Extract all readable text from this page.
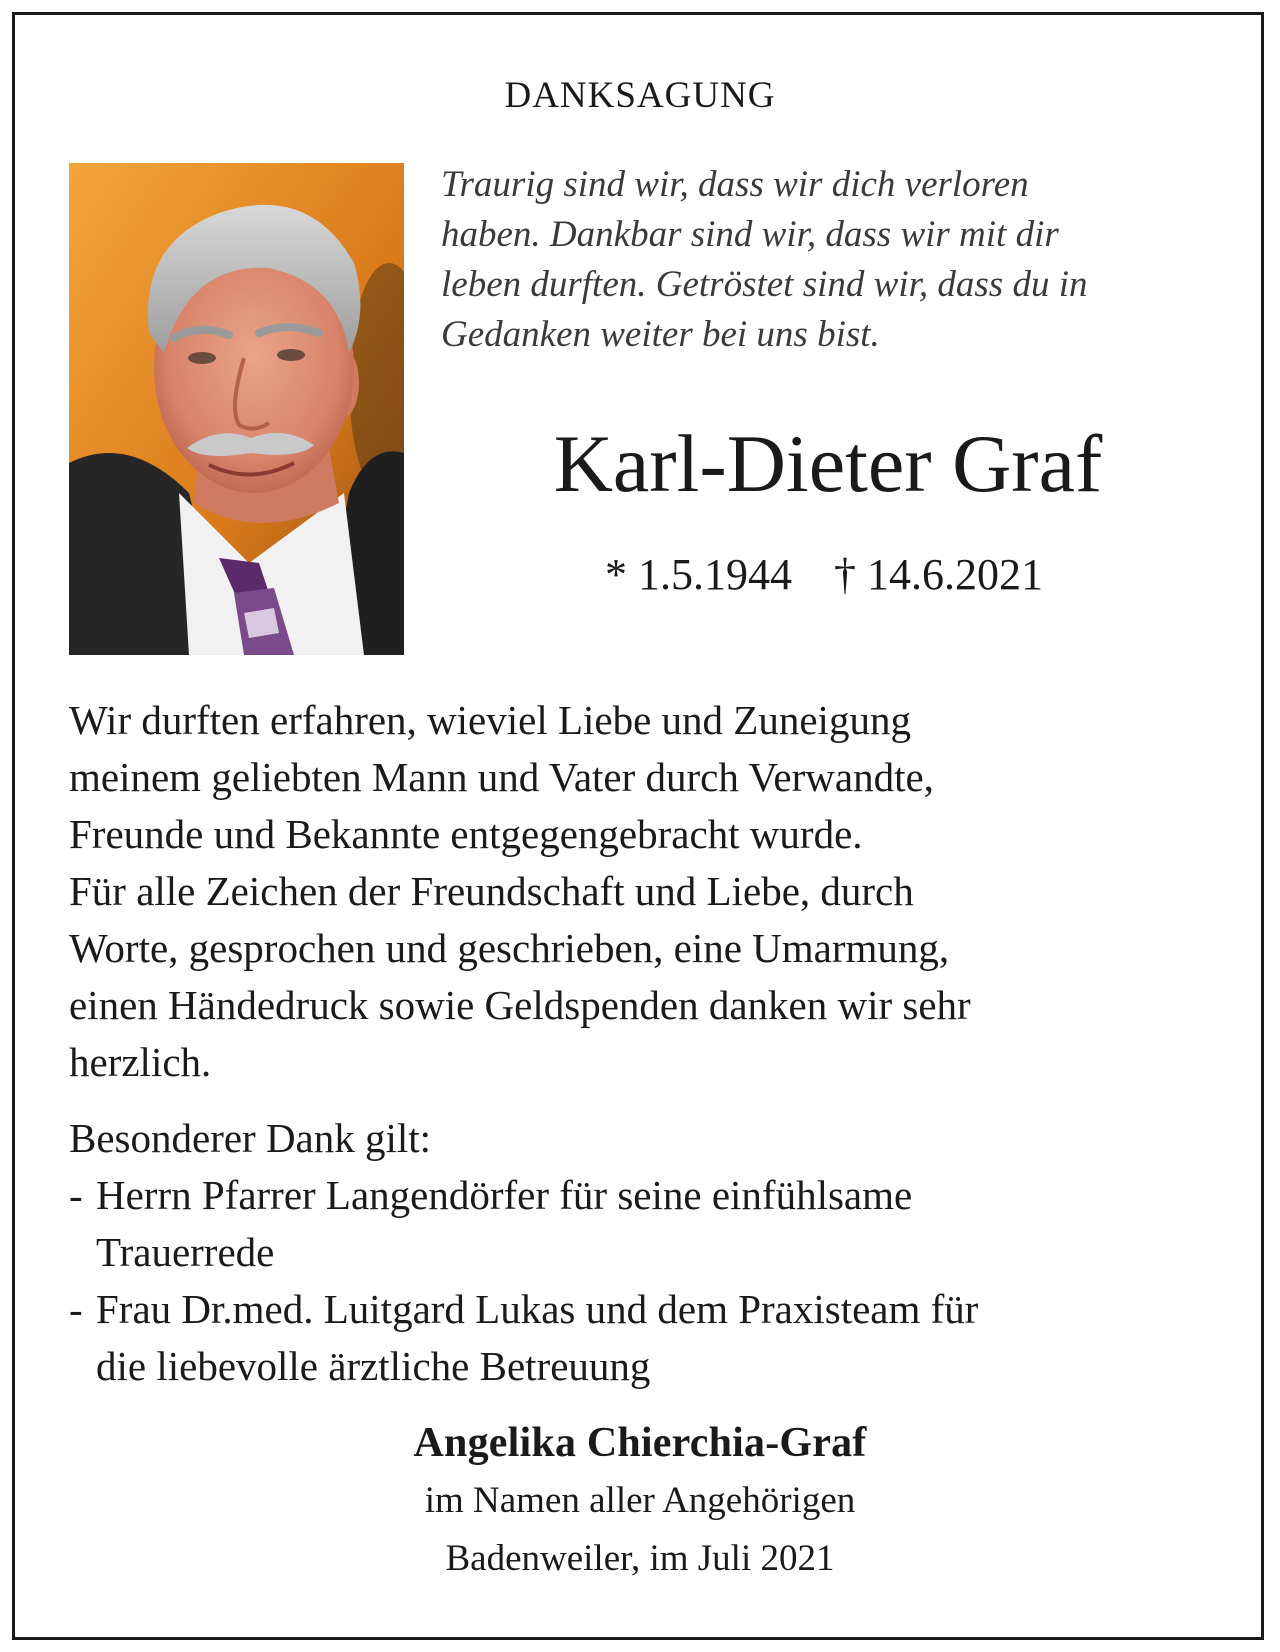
DANKSAGUNG
Traurig sind wir, dass wir dich verloren
haben. Dankbar sind wir, dass wir mit dir
leben durften. Getröstet sind wir, dass du in
Gedanken weiter bei uns bist.
Karl-Dieter Graf
* 1.5.1944 † 14.6.2021
Wir durften erfahren, wieviel Liebe und Zuneigung
meinem geliebten Mann und Vater durch Verwandte,
Freunde und Bekannte entgegengebracht wurde.
Für alle Zeichen der Freundschaft und Liebe, durch
Worte, gesprochen und geschrieben, eine Umarmung,
einen Händedruck sowie Geldspenden danken wir sehr
herzlich.
Besonderer Dank gilt:
- Herrn Pfarrer Langendörfer für seine einfühlsame
Trauerrede
- Frau Dr.med. Luitgard Lukas und dem Praxisteam für
die liebevolle ärztliche Betreuung
Angelika Chierchia-Graf
im Namen aller Angehörigen
Badenweiler, im Juli 2021
